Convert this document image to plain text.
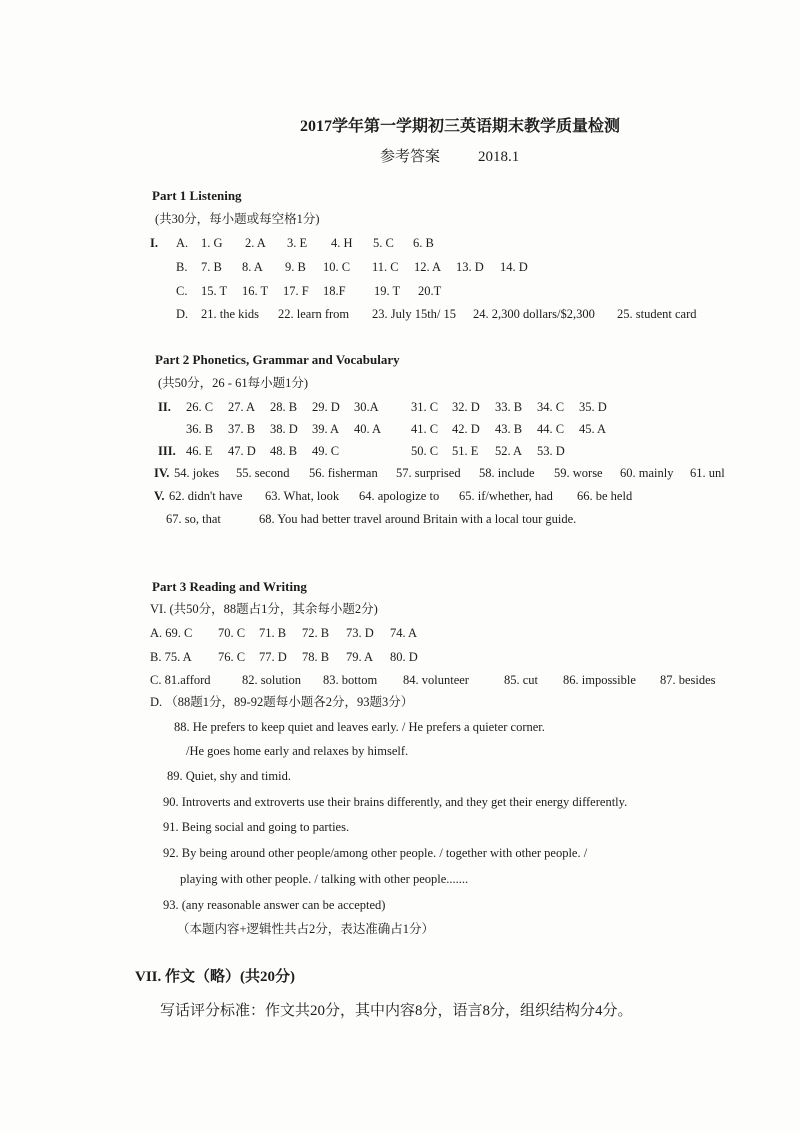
2017学年第一学期初三英语期末教学质量检测
参考答案	2018.1
Part 1 Listening
(共30分，每小题或每空格1分)
I. A. 1. G 2. A 3. E 4. H 5. C 6. B
B. 7. B 8. A 9. B 10. C 11. C 12. A 13. D 14. D
C. 15. T 16. T 17. F 18.F 19. T 20.T
D. 21. the kids 22. learn from 23. July 15th/ 15 24. 2,300 dollars/$2,300 25. student card
Part 2 Phonetics, Grammar and Vocabulary
(共50分，26 - 61每小题1分)
II. 26. C 27. A 28. B 29. D 30.A	31. C 32. D 33. B 34. C 35. D
36. B 37. B 38. D 39. A 40. A 41. C 42. D 43. B 44. C 45. A
III. 46. E 47. D 48. B 49. C	50. C 51. E 52. A 53. D
IV. 54. jokes 55. second 56. fisherman 57. surprised 58. include 59. worse 60. mainly 61. unl
V. 62. didn't have 63. What, look 64. apologize to 65. if/whether, had 66. be held
67. so, that	68. You had better travel around Britain with a local tour guide.
Part 3 Reading and Writing
VI. (共50分，88题占1分，其余每小题2分)
A. 69. C 70. C 71. B 72. B 73. D 74. A
B. 75. A 76. C 77. D 78. B 79. A 80. D
C. 81.afford	82. solution 83. bottom 84. volunteer	85. cut 86. impossible 87. besides
D. （88题1分，89-92题每小题各2分，93题3分）
88. He prefers to keep quiet and leaves early. / He prefers a quieter corner.
/He goes home early and relaxes by himself.
89. Quiet, shy and timid.
90. Introverts and extroverts use their brains differently, and they get their energy differently.
91. Being social and going to parties.
92. By being around other people/among other people. / together with other people. /
playing with other people. / talking with other people.......
93. (any reasonable answer can be accepted)
（本题内容+逻辑性共占2分，表达准确占1分）
VII. 作文（略）(共20分)
写话评分标准：作文共20分，其中内容8分，语言8分，组织结构分4分。
